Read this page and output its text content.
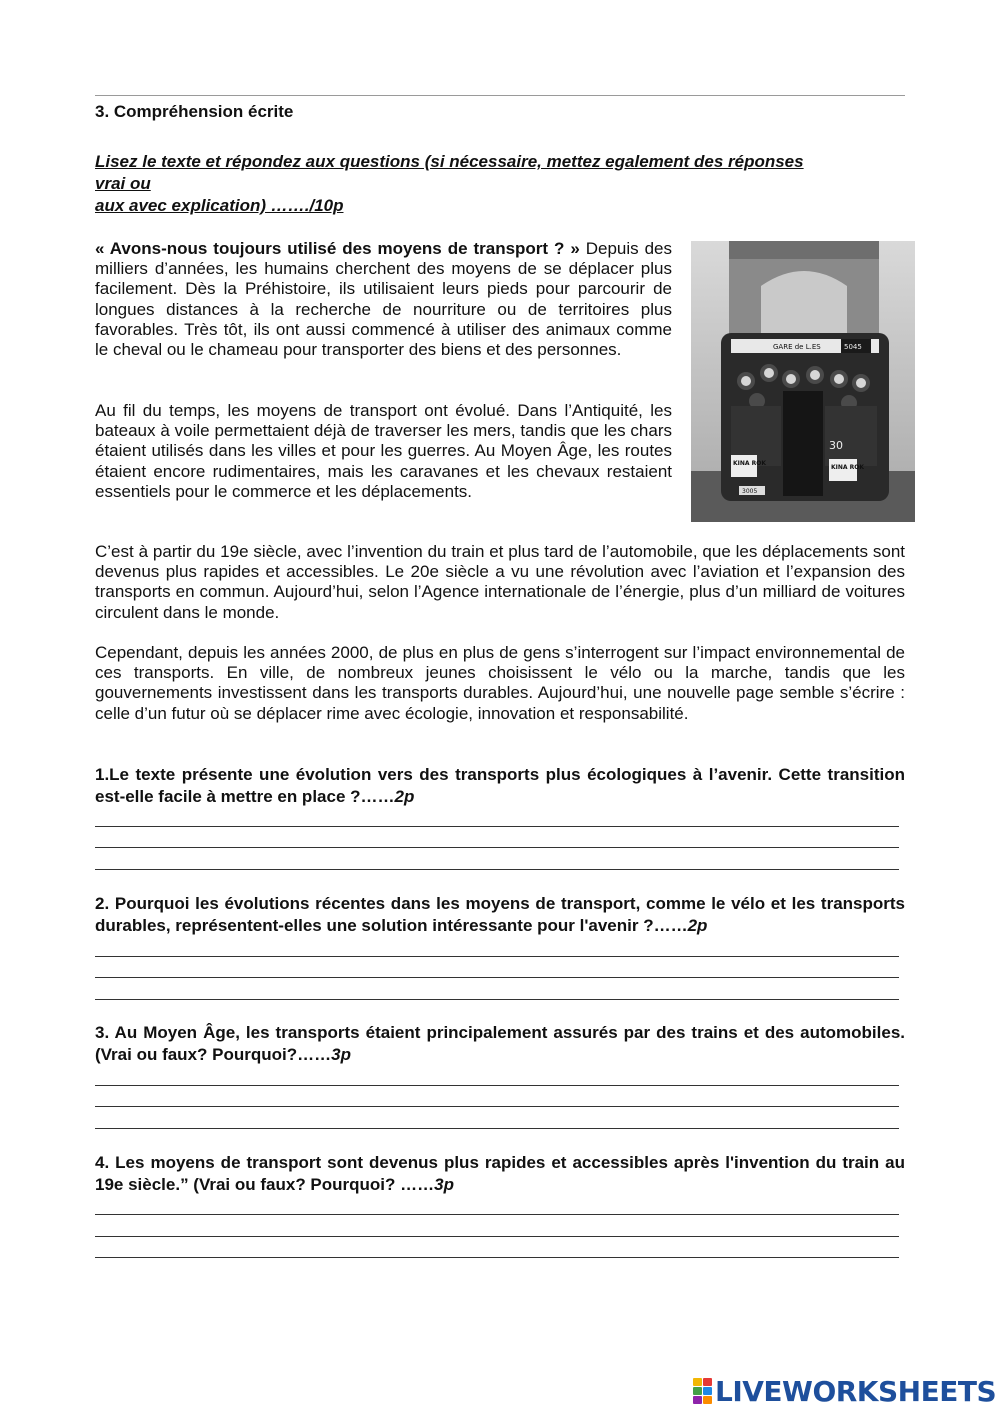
3. Compréhension écrite
Lisez le texte et répondez aux questions (si nécessaire, mettez egalement des réponses
vrai ou
aux avec explication) ……./10p
« Avons-nous toujours utilisé des moyens de transport ? » Depuis des milliers d’années, les humains cherchent des moyens de se déplacer plus facilement. Dès la Préhistoire, ils utilisaient leurs pieds pour parcourir de longues distances à la recherche de nourriture ou de territoires plus favorables. Très tôt, ils ont aussi commencé à utiliser des animaux comme le cheval ou le chameau pour transporter des biens et des personnes.	GARE de L.ES	5045
KINA ROK
KINA ROK
30
3005
Au fil du temps, les moyens de transport ont évolué. Dans l’Antiquité, les bateaux à voile permettaient déjà de traverser les mers, tandis que les chars étaient utilisés dans les villes et pour les guerres. Au Moyen Âge, les routes étaient encore rudimentaires, mais les caravanes et les chevaux restaient essentiels pour le commerce et les déplacements.
C’est à partir du 19e siècle, avec l’invention du train et plus tard de l’automobile, que les déplacements sont devenus plus rapides et accessibles. Le 20e siècle a vu une révolution avec l’aviation et l’expansion des transports en commun. Aujourd’hui, selon l’Agence internationale de l’énergie, plus d’un milliard de voitures circulent dans le monde.
Cependant, depuis les années 2000, de plus en plus de gens s’interrogent sur l’impact environnemental de ces transports. En ville, de nombreux jeunes choisissent le vélo ou la marche, tandis que les gouvernements investissent dans les transports durables. Aujourd’hui, une nouvelle page semble s’écrire : celle d’un futur où se déplacer rime avec écologie, innovation et responsabilité.
1.Le texte présente une évolution vers des transports plus écologiques à l’avenir. Cette transition est-elle facile à mettre en place ?……2p
2. Pourquoi les évolutions récentes dans les moyens de transport, comme le vélo et les transports durables, représentent-elles une solution intéressante pour l'avenir ?……2p
3. Au Moyen Âge, les transports étaient principalement assurés par des trains et des automobiles. (Vrai ou faux? Pourquoi?……3p
4. Les moyens de transport sont devenus plus rapides et accessibles après l'invention du train au 19e siècle.” (Vrai ou faux? Pourquoi? ……3p
LIVEWORKSHEETS
